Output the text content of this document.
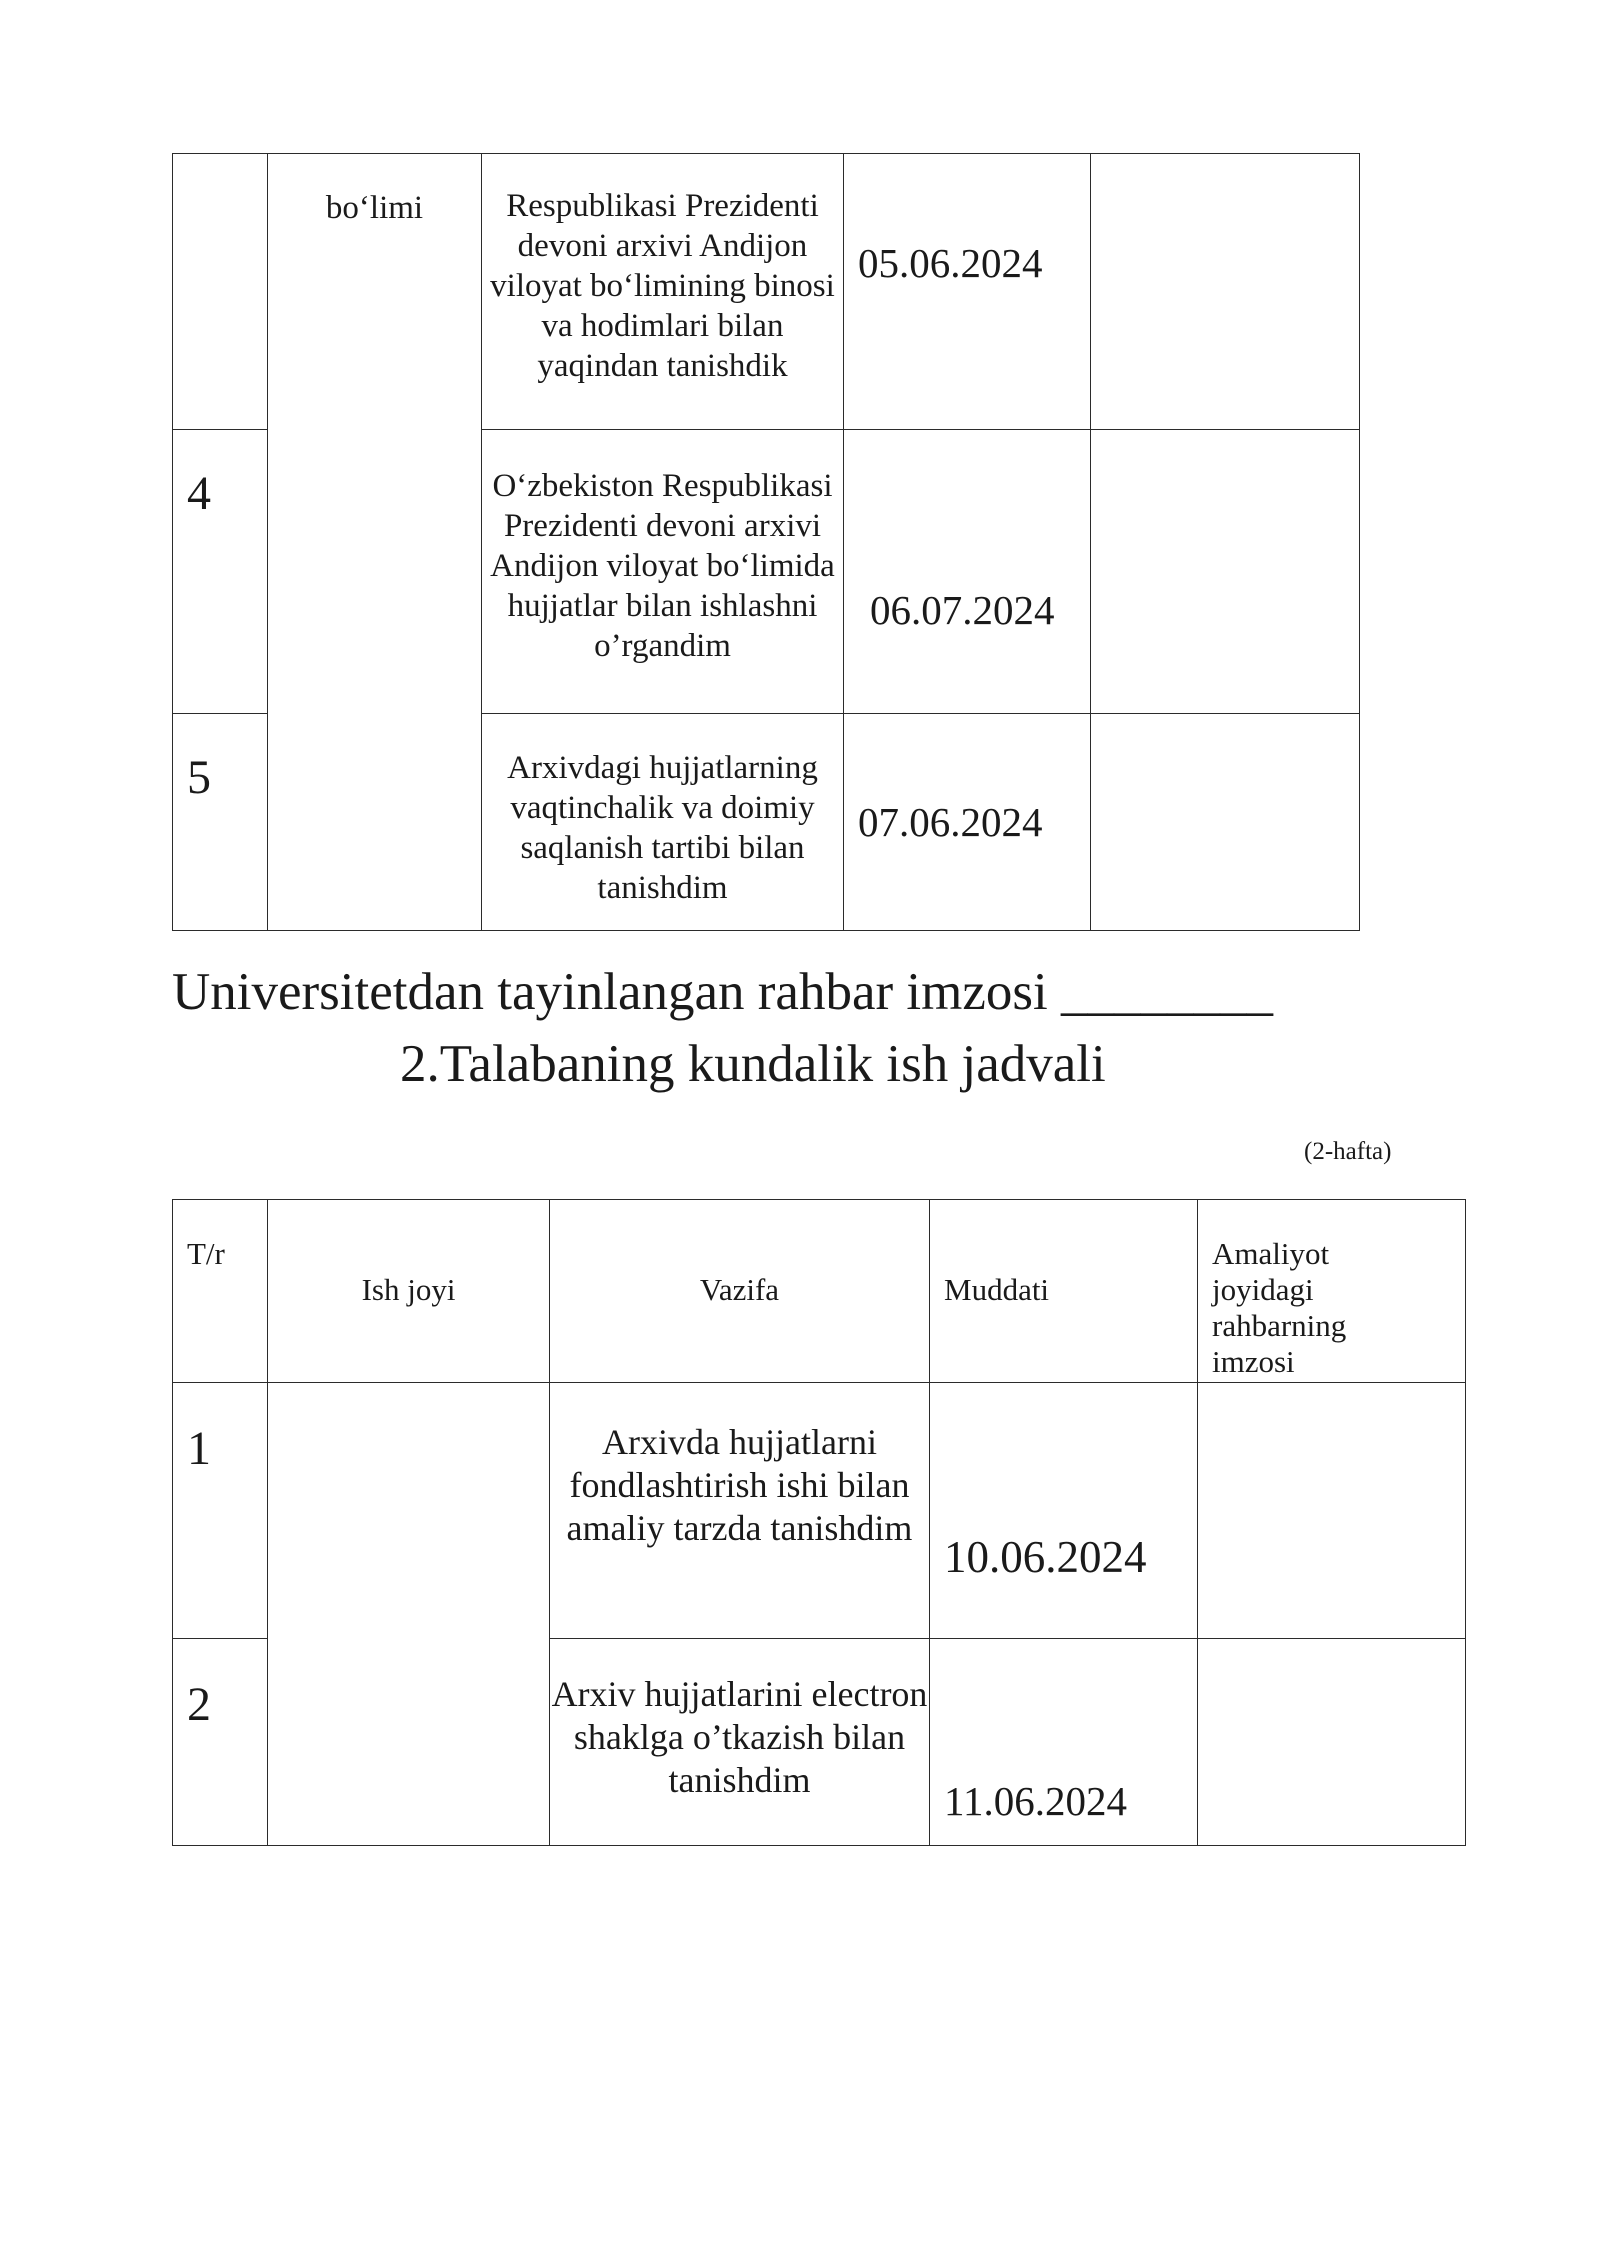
	bo‘limi	Respublikasi Prezidenti devoni arxivi Andijon viloyat bo‘limining binosi va hodimlari bilan yaqindan tanishdik	05.06.2024	
4		O‘zbekiston Respublikasi Prezidenti devoni arxivi Andijon viloyat bo‘limida hujjatlar bilan ishlashni o’rgandim	06.07.2024	
5		Arxivdagi hujjatlarning vaqtinchalik va doimiy saqlanish tartibi bilan tanishdim	07.06.2024	
Universitetdan tayinlangan rahbar imzosi ________
2.Talabaning kundalik ish jadvali
(2-hafta)
T/r	Ish joyi	Vazifa	Muddati	Amaliyot joyidagi rahbarning imzosi
1		Arxivda hujjatlarni fondlashtirish ishi bilan amaliy tarzda tanishdim	10.06.2024	
2		Arxiv hujjatlarini electron shaklga o’tkazish bilan tanishdim	11.06.2024	
